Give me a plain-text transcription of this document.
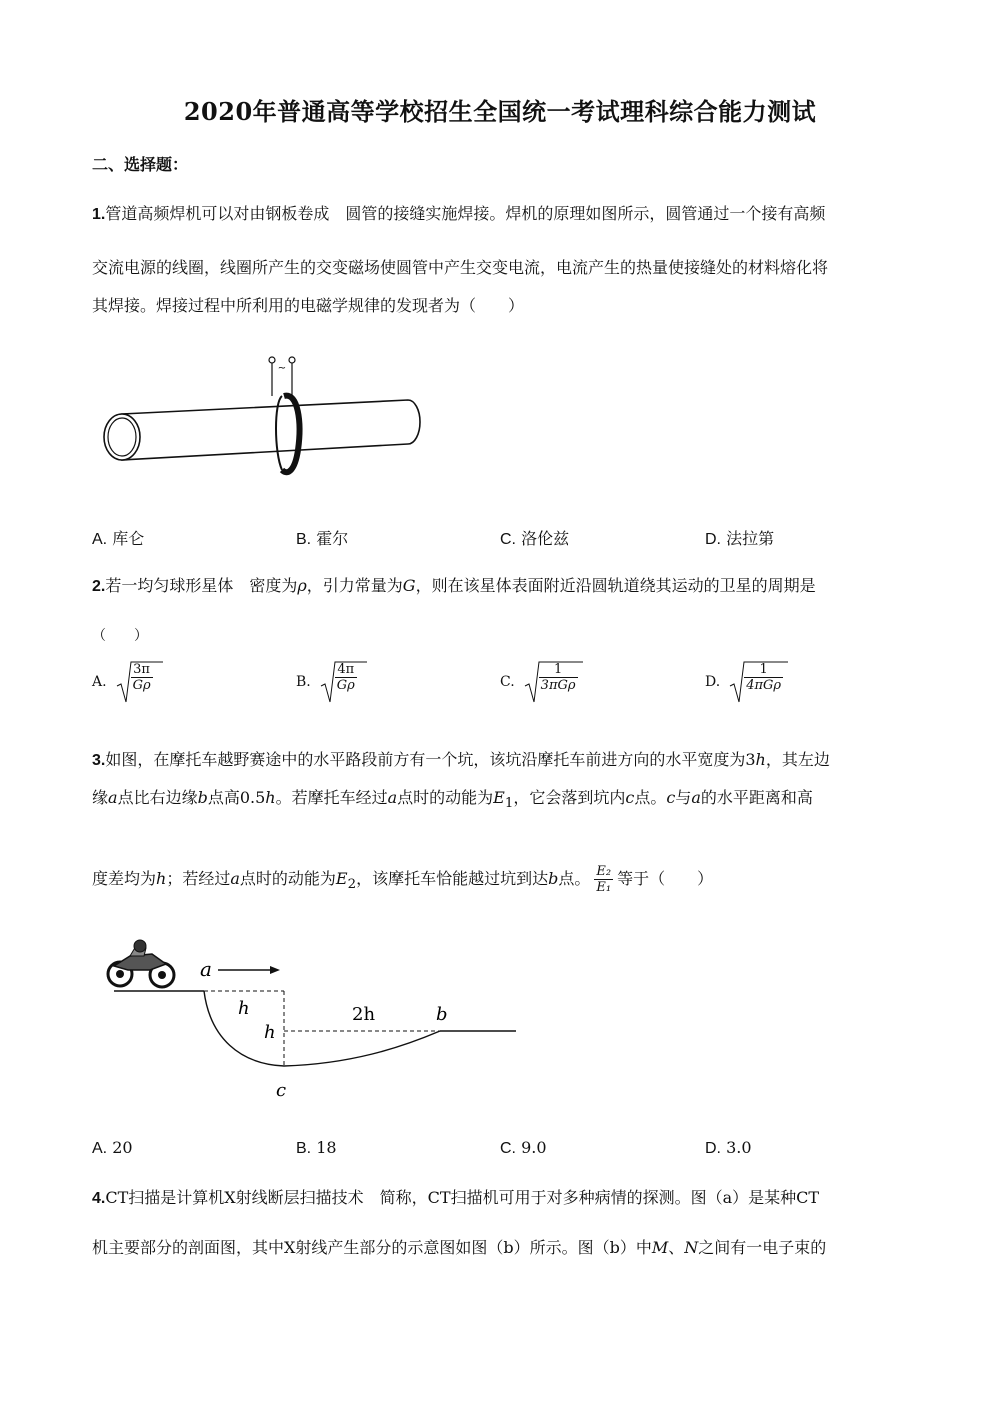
2020年普通高等学校招生全国统一考试理科综合能力测试
二、选择题：
1.管道高频焊机可以对由钢板卷成　圆管的接缝实施焊接。焊机的原理如图所示，圆管通过一个接有高频
交流电源的线圈，线圈所产生的交变磁场使圆管中产生交变电流，电流产生的热量使接缝处的材料熔化将
其焊接。焊接过程中所利用的电磁学规律的发现者为（　　）
~
A. 库仑	B. 霍尔	C. 洛伦兹	D. 法拉第
2.若一均匀球形星体　密度为ρ，引力常量为G，则在该星体表面附近沿圆轨道绕其运动的卫星的周期是
（　　）
A. $\frac{3\pi}{G\rho}$	B. $\frac{4\pi}{G\rho}$	C. $\frac{1}{\text{3πGρ}}$	D. $\frac{1}{\text{4πGρ}}$
3.如图，在摩托车越野赛途中的水平路段前方有一个坑，该坑沿摩托车前进方向的水平宽度为3h，其左边
缘a点比右边缘b点高0.5h。若摩托车经过a点时的动能为$E_1$，它会落到坑内c点。c与a的水平距离和高
度差均为h；若经过a点时的动能为$E_2$，该摩托车恰能越过坑到达b点。 $\frac{\text{E₂}}{\text{E₁}}$ 等于（　　）
a
h
h
2h	b
c
A. 20	B. 18	C. 9.0	D. 3.0
4.CT扫描是计算机X射线断层扫描技术　简称，CT扫描机可用于对多种病情的探测。图（a）是某种CT
机主要部分的剖面图，其中X射线产生部分的示意图如图（b）所示。图（b）中M、N之间有一电子束的
